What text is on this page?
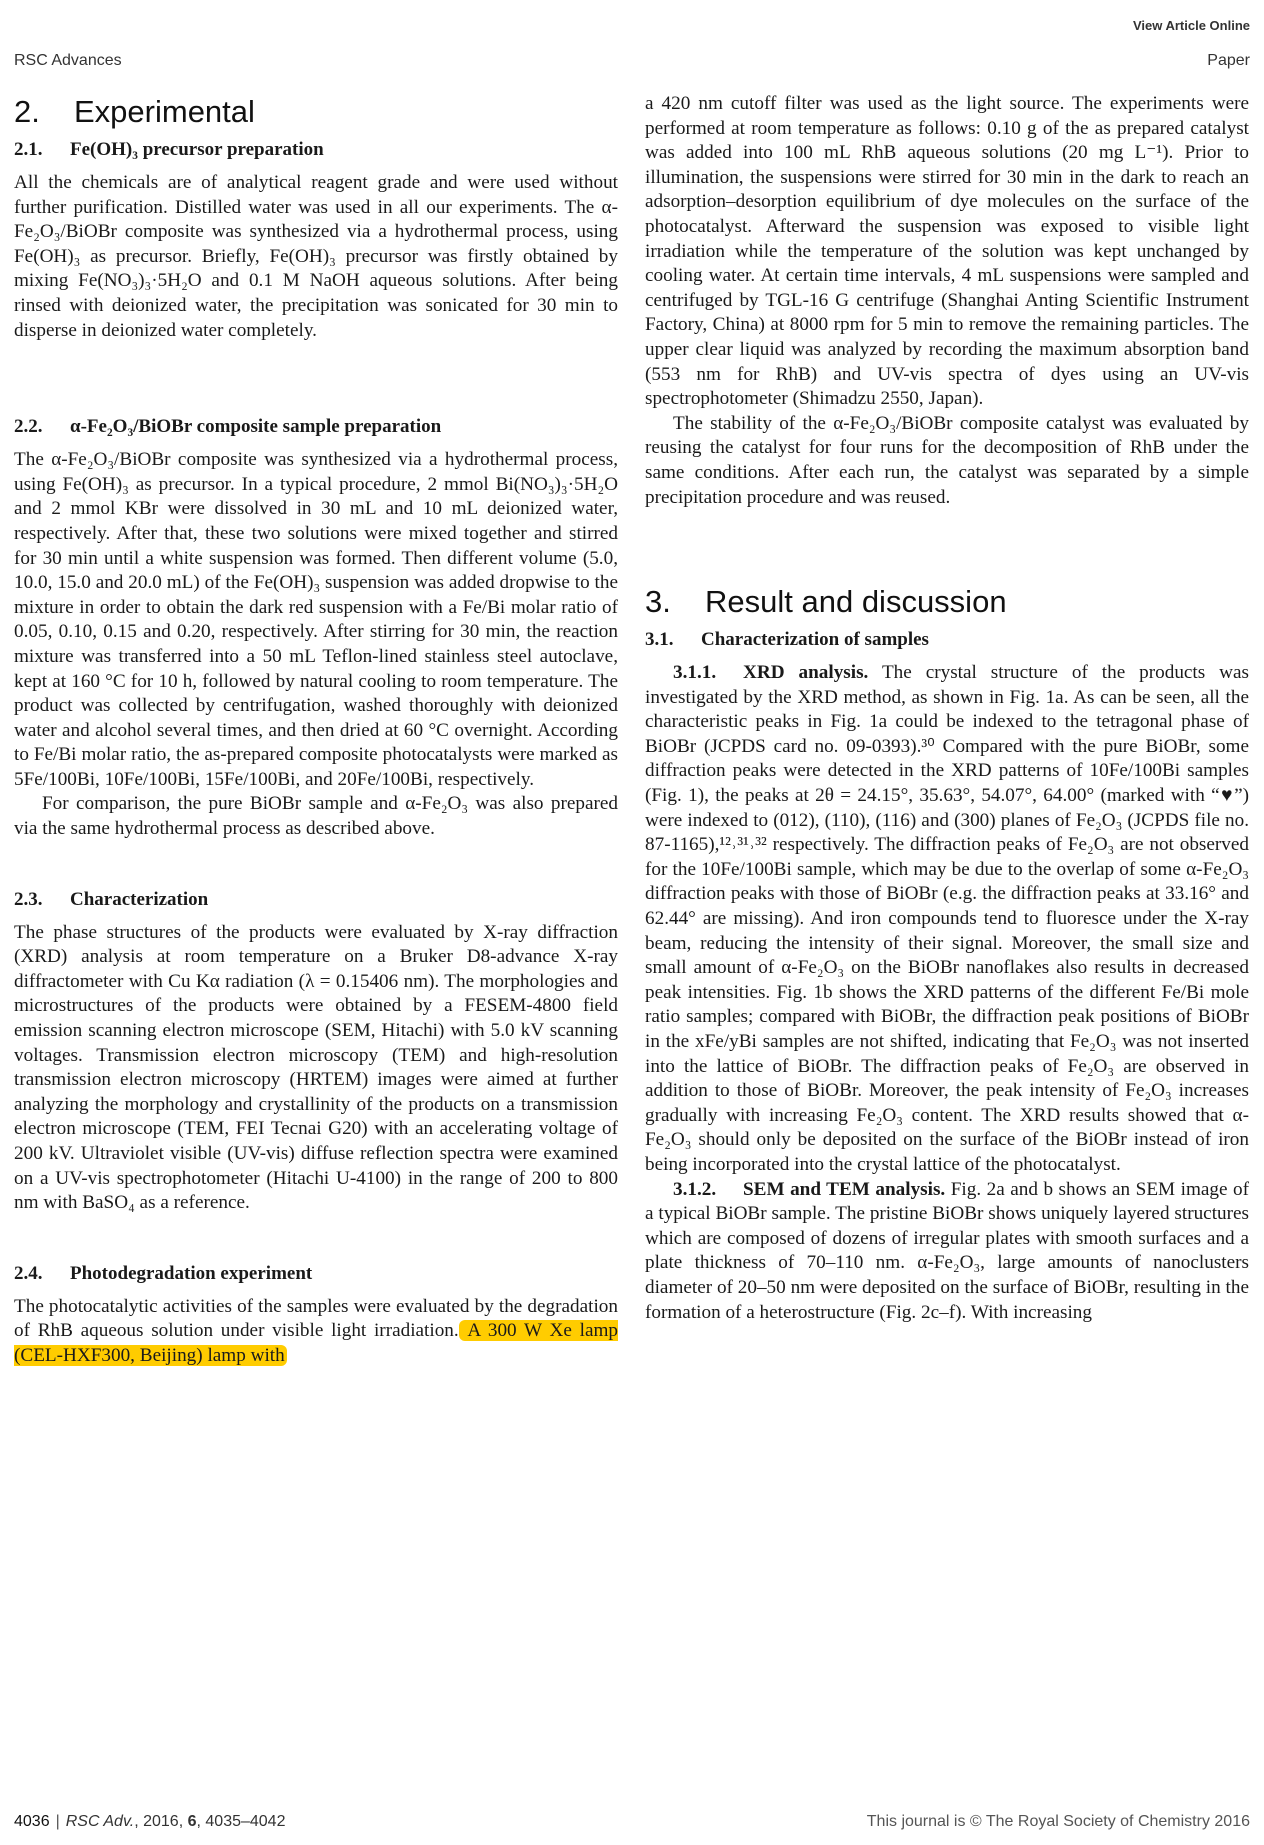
View Article Online
RSC Advances	Paper
2. Experimental
2.1. Fe(OH)₃ precursor preparation

All the chemicals are of analytical reagent grade and were used without further purification. Distilled water was used in all our experiments. The α-Fe₂O₃/BiOBr composite was synthesized via a hydrothermal process, using Fe(OH)₃ as precursor. Briefly, Fe(OH)₃ precursor was firstly obtained by mixing Fe(NO₃)₃·5H₂O and 0.1 M NaOH aqueous solutions. After being rinsed with deionized water, the precipitation was sonicated for 30 min to disperse in deionized water completely.

2.2. α-Fe₂O₃/BiOBr composite sample preparation

The α-Fe₂O₃/BiOBr composite was synthesized via a hydrothermal process, using Fe(OH)₃ as precursor. In a typical procedure, 2 mmol Bi(NO₃)₃·5H₂O and 2 mmol KBr were dissolved in 30 mL and 10 mL deionized water, respectively. After that, these two solutions were mixed together and stirred for 30 min until a white suspension was formed. Then different volume (5.0, 10.0, 15.0 and 20.0 mL) of the Fe(OH)₃ suspension was added dropwise to the mixture in order to obtain the dark red suspension with a Fe/Bi molar ratio of 0.05, 0.10, 0.15 and 0.20, respectively. After stirring for 30 min, the reaction mixture was transferred into a 50 mL Teflon-lined stainless steel autoclave, kept at 160 °C for 10 h, followed by natural cooling to room temperature. The product was collected by centrifugation, washed thoroughly with deionized water and alcohol several times, and then dried at 60 °C overnight. According to Fe/Bi molar ratio, the as-prepared composite photocatalysts were marked as 5Fe/100Bi, 10Fe/100Bi, 15Fe/100Bi, and 20Fe/100Bi, respectively.

For comparison, the pure BiOBr sample and α-Fe₂O₃ was also prepared via the same hydrothermal process as described above.

2.3. Characterization

The phase structures of the products were evaluated by X-ray diffraction (XRD) analysis at room temperature on a Bruker D8-advance X-ray diffractometer with Cu Kα radiation (λ = 0.15406 nm). The morphologies and microstructures of the products were obtained by a FESEM-4800 field emission scanning electron microscope (SEM, Hitachi) with 5.0 kV scanning voltages. Transmission electron microscopy (TEM) and high-resolution transmission electron microscopy (HRTEM) images were aimed at further analyzing the morphology and crystallinity of the products on a transmission electron microscope (TEM, FEI Tecnai G20) with an accelerating voltage of 200 kV. Ultraviolet visible (UV-vis) diffuse reflection spectra were examined on a UV-vis spectrophotometer (Hitachi U-4100) in the range of 200 to 800 nm with BaSO₄ as a reference.

2.4. Photodegradation experiment

The photocatalytic activities of the samples were evaluated by the degradation of RhB aqueous solution under visible light irradiation. A 300 W Xe lamp (CEL-HXF300, Beijing) lamp with

a 420 nm cutoff filter was used as the light source. The experiments were performed at room temperature as follows: 0.10 g of the as prepared catalyst was added into 100 mL RhB aqueous solutions (20 mg L⁻¹). Prior to illumination, the suspensions were stirred for 30 min in the dark to reach an adsorption–desorption equilibrium of dye molecules on the surface of the photocatalyst. Afterward the suspension was exposed to visible light irradiation while the temperature of the solution was kept unchanged by cooling water. At certain time intervals, 4 mL suspensions were sampled and centrifuged by TGL-16 G centrifuge (Shanghai Anting Scientific Instrument Factory, China) at 8000 rpm for 5 min to remove the remaining particles. The upper clear liquid was analyzed by recording the maximum absorption band (553 nm for RhB) and UV-vis spectra of dyes using an UV-vis spectrophotometer (Shimadzu 2550, Japan).

The stability of the α-Fe₂O₃/BiOBr composite catalyst was evaluated by reusing the catalyst for four runs for the decomposition of RhB under the same conditions. After each run, the catalyst was separated by a simple precipitation procedure and was reused.

3. Result and discussion
3.1. Characterization of samples

3.1.1. XRD analysis. The crystal structure of the products was investigated by the XRD method, as shown in Fig. 1a. As can be seen, all the characteristic peaks in Fig. 1a could be indexed to the tetragonal phase of BiOBr (JCPDS card no. 09-0393).³⁰ Compared with the pure BiOBr, some diffraction peaks were detected in the XRD patterns of 10Fe/100Bi samples (Fig. 1), the peaks at 2θ = 24.15°, 35.63°, 54.07°, 64.00° (marked with “♥”) were indexed to (012), (110), (116) and (300) planes of Fe₂O₃ (JCPDS file no. 87-1165),¹²˒³¹˒³² respectively. The diffraction peaks of Fe₂O₃ are not observed for the 10Fe/100Bi sample, which may be due to the overlap of some α-Fe₂O₃ diffraction peaks with those of BiOBr (e.g. the diffraction peaks at 33.16° and 62.44° are missing). And iron compounds tend to fluoresce under the X-ray beam, reducing the intensity of their signal. Moreover, the small size and small amount of α-Fe₂O₃ on the BiOBr nanoflakes also results in decreased peak intensities. Fig. 1b shows the XRD patterns of the different Fe/Bi mole ratio samples; compared with BiOBr, the diffraction peak positions of BiOBr in the xFe/yBi samples are not shifted, indicating that Fe₂O₃ was not inserted into the lattice of BiOBr. The diffraction peaks of Fe₂O₃ are observed in addition to those of BiOBr. Moreover, the peak intensity of Fe₂O₃ increases gradually with increasing Fe₂O₃ content. The XRD results showed that α-Fe₂O₃ should only be deposited on the surface of the BiOBr instead of iron being incorporated into the crystal lattice of the photocatalyst.

3.1.2. SEM and TEM analysis. Fig. 2a and b shows an SEM image of a typical BiOBr sample. The pristine BiOBr shows uniquely layered structures which are composed of dozens of irregular plates with smooth surfaces and a plate thickness of 70–110 nm. α-Fe₂O₃, large amounts of nanoclusters diameter of 20–50 nm were deposited on the surface of BiOBr, resulting in the formation of a heterostructure (Fig. 2c–f). With increasing

4036 | RSC Adv., 2016, 6, 4035–4042	This journal is © The Royal Society of Chemistry 2016
